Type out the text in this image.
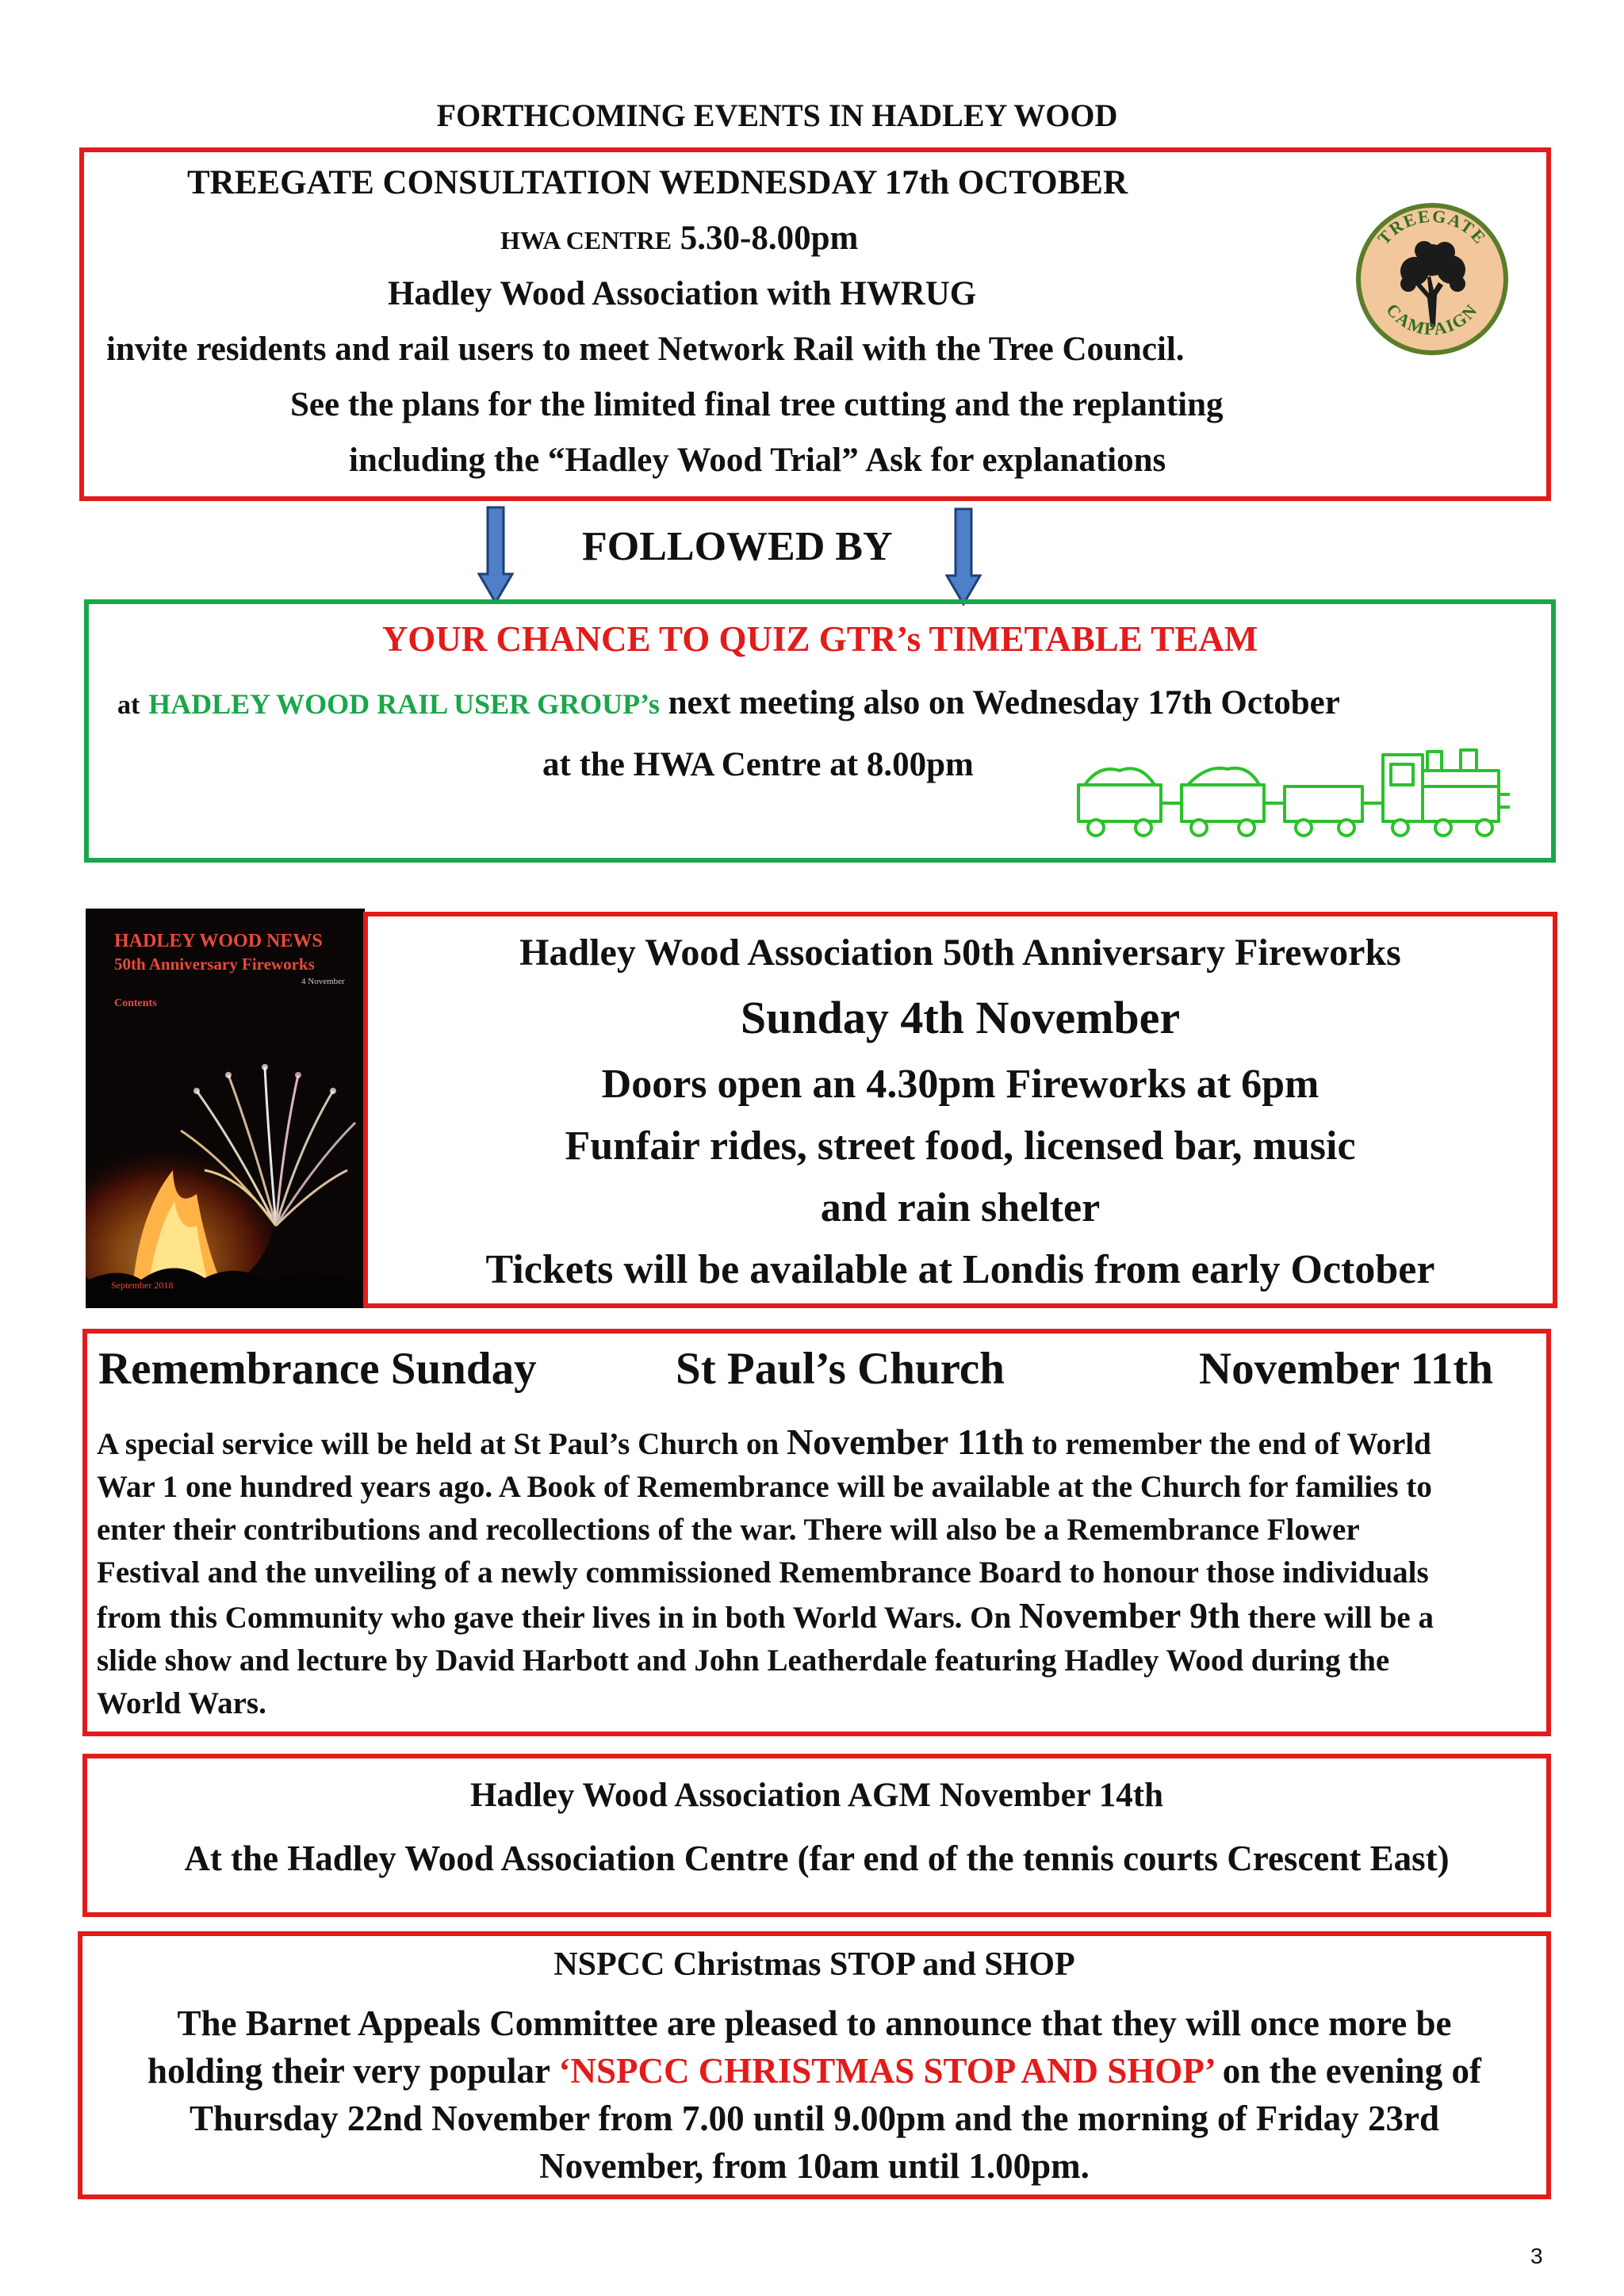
FORTHCOMING EVENTS IN HADLEY WOOD
TREEGATE CONSULTATION WEDNESDAY 17th OCTOBER
HWA CENTRE 5.30-8.00pm
Hadley Wood Association with HWRUG
invite residents and rail users to meet Network Rail with the Tree Council.
See the plans for the limited final tree cutting and the replanting
including the “Hadley Wood Trial” Ask for explanations
TREEGATE
CAMPAIGN
FOLLOWED BY
YOUR CHANCE TO QUIZ GTR’s TIMETABLE TEAM
at HADLEY WOOD RAIL USER GROUP’s next meeting also on Wednesday 17th October
at the HWA Centre at 8.00pm
HADLEY WOOD NEWS
50th Anniversary Fireworks
4 November
Contents
September 2018
Hadley Wood Association 50th Anniversary Fireworks
Sunday 4th November
Doors open an 4.30pm Fireworks at 6pm
Funfair rides, street food, licensed bar, music
and rain shelter
Tickets will be available at Londis from early October
Remembrance Sunday	St Paul’s Church	November 11th
A special service will be held at St Paul’s Church on November 11th to remember the end of World
War 1 one hundred years ago. A Book of Remembrance will be available at the Church for families to
enter their contributions and recollections of the war. There will also be a Remembrance Flower
Festival and the unveiling of a newly commissioned Remembrance Board to honour those individuals
from this Community who gave their lives in in both World Wars. On November 9th there will be a
slide show and lecture by David Harbott and John Leatherdale featuring Hadley Wood during the
World Wars.
Hadley Wood Association AGM November 14th
At the Hadley Wood Association Centre (far end of the tennis courts Crescent East)
NSPCC Christmas STOP and SHOP
The Barnet Appeals Committee are pleased to announce that they will once more be
holding their very popular ‘NSPCC CHRISTMAS STOP AND SHOP’ on the evening of
Thursday 22nd November from 7.00 until 9.00pm and the morning of Friday 23rd
November, from 10am until 1.00pm.
3
